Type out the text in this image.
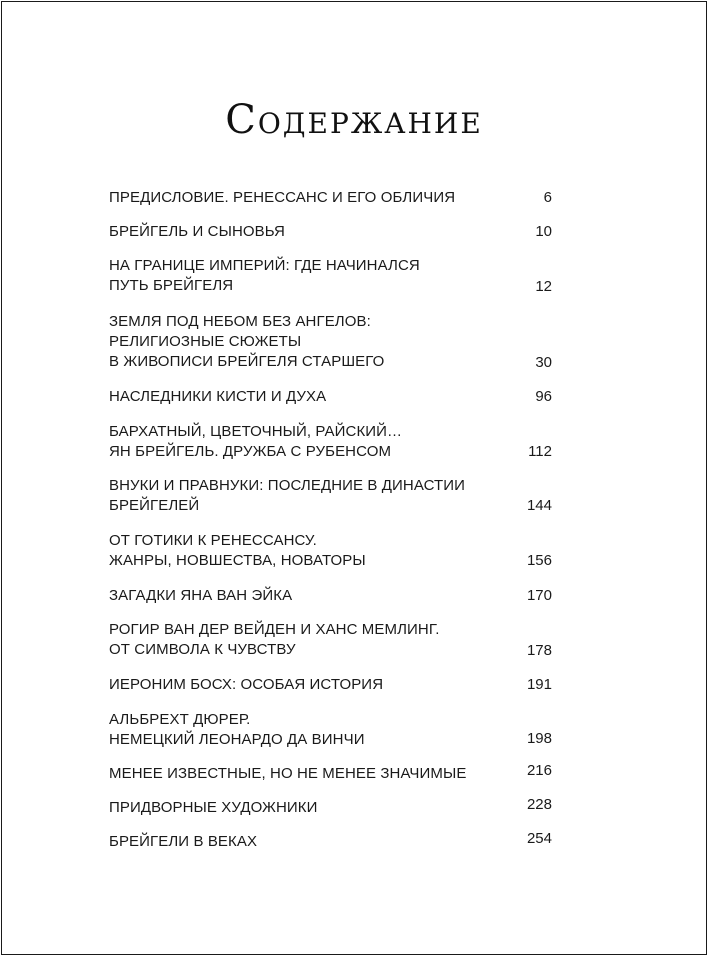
Содержание
ПРЕДИСЛОВИЕ. РЕНЕССАНС И ЕГО ОБЛИЧИЯ	6
БРЕЙГЕЛЬ И СЫНОВЬЯ	10
НА ГРАНИЦЕ ИМПЕРИЙ: ГДЕ НАЧИНАЛСЯ
ПУТЬ БРЕЙГЕЛЯ	12
ЗЕМЛЯ ПОД НЕБОМ БЕЗ АНГЕЛОВ:
РЕЛИГИОЗНЫЕ СЮЖЕТЫ
В ЖИВОПИСИ БРЕЙГЕЛЯ СТАРШЕГО	30
НАСЛЕДНИКИ КИСТИ И ДУХА	96
БАРХАТНЫЙ, ЦВЕТОЧНЫЙ, РАЙСКИЙ…
ЯН БРЕЙГЕЛЬ. ДРУЖБА С РУБЕНСОМ	112
ВНУКИ И ПРАВНУКИ: ПОСЛЕДНИЕ В ДИНАСТИИ
БРЕЙГЕЛЕЙ	144
ОТ ГОТИКИ К РЕНЕССАНСУ.
ЖАНРЫ, НОВШЕСТВА, НОВАТОРЫ	156
ЗАГАДКИ ЯНА ВАН ЭЙКА	170
РОГИР ВАН ДЕР ВЕЙДЕН И ХАНС МЕМЛИНГ.
ОТ СИМВОЛА К ЧУВСТВУ	178
ИЕРОНИМ БОСХ: ОСОБАЯ ИСТОРИЯ	191
АЛЬБРЕХТ ДЮРЕР.
НЕМЕЦКИЙ ЛЕОНАРДО ДА ВИНЧИ	198
МЕНЕЕ ИЗВЕСТНЫЕ, НО НЕ МЕНЕЕ ЗНАЧИМЫЕ	216
ПРИДВОРНЫЕ ХУДОЖНИКИ	228
БРЕЙГЕЛИ В ВЕКАХ	254
